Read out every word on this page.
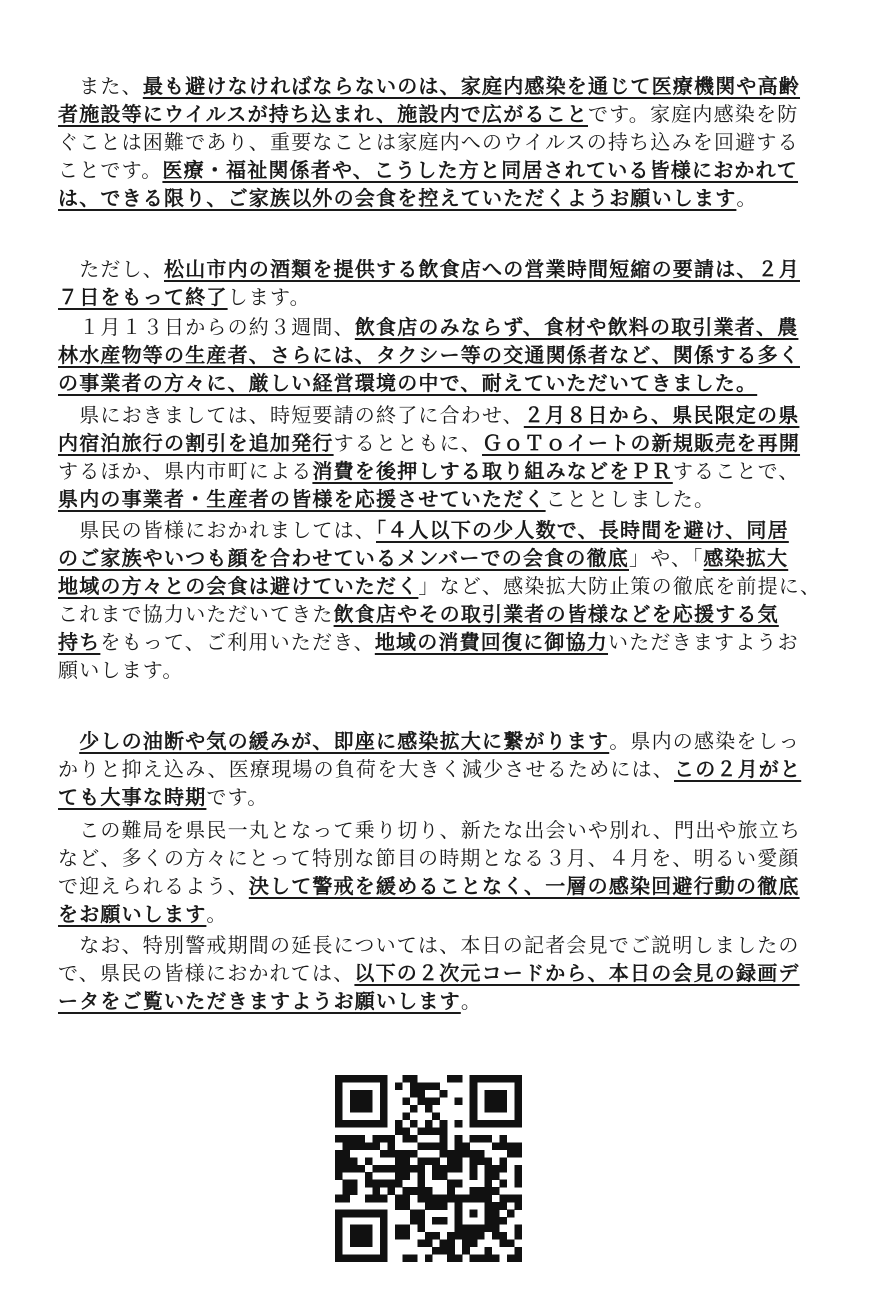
　また、最も避けなければならないのは、家庭内感染を通じて医療機関や高齢
者施設等にウイルスが持ち込まれ、施設内で広がることです。家庭内感染を防
ぐことは困難であり、重要なことは家庭内へのウイルスの持ち込みを回避する
ことです。医療・福祉関係者や、こうした方と同居されている皆様におかれて
は、できる限り、ご家族以外の会食を控えていただくようお願いします。
　ただし、松山市内の酒類を提供する飲食店への営業時間短縮の要請は、２月
７日をもって終了します。
　１月１３日からの約３週間、飲食店のみならず、食材や飲料の取引業者、農
林水産物等の生産者、さらには、タクシー等の交通関係者など、関係する多く
の事業者の方々に、厳しい経営環境の中で、耐えていただいてきました。
　県におきましては、時短要請の終了に合わせ、２月８日から、県民限定の県
内宿泊旅行の割引を追加発行するとともに、ＧｏＴｏイートの新規販売を再開
するほか、県内市町による消費を後押しする取り組みなどをＰＲすることで、
県内の事業者・生産者の皆様を応援させていただくこととしました。
　県民の皆様におかれましては、「４人以下の少人数で、長時間を避け、同居
のご家族やいつも顔を合わせているメンバーでの会食の徹底」や、「感染拡大
地域の方々との会食は避けていただく」など、感染拡大防止策の徹底を前提に、
これまで協力いただいてきた飲食店やその取引業者の皆様などを応援する気
持ちをもって、ご利用いただき、地域の消費回復に御協力いただきますようお
願いします。
　少しの油断や気の緩みが、即座に感染拡大に繋がります。県内の感染をしっ
かりと抑え込み、医療現場の負荷を大きく減少させるためには、この２月がと
ても大事な時期です。
　この難局を県民一丸となって乗り切り、新たな出会いや別れ、門出や旅立ち
など、多くの方々にとって特別な節目の時期となる３月、４月を、明るい愛顔
で迎えられるよう、決して警戒を緩めることなく、一層の感染回避行動の徹底
をお願いします。
　なお、特別警戒期間の延長については、本日の記者会見でご説明しましたの
で、県民の皆様におかれては、以下の２次元コードから、本日の会見の録画デ
ータをご覧いただきますようお願いします。
